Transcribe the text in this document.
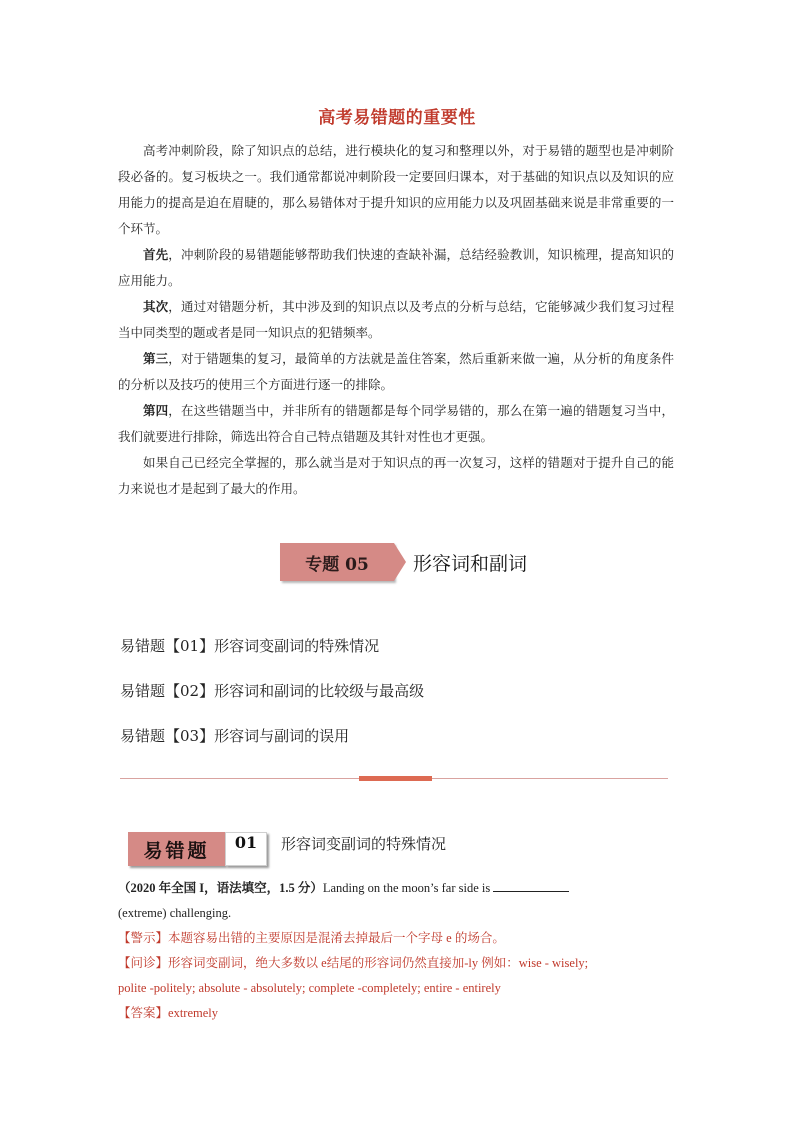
高考易错题的重要性

高考冲刺阶段，除了知识点的总结，进行模块化的复习和整理以外，对于易错的题型也是冲刺阶段必备的。复习板块之一。我们通常都说冲刺阶段一定要回归课本，对于基础的知识点以及知识的应用能力的提高是迫在眉睫的，那么易错体对于提升知识的应用能力以及巩固基础来说是非常重要的一个环节。

首先，冲刺阶段的易错题能够帮助我们快速的查缺补漏，总结经验教训，知识梳理，提高知识的应用能力。

其次，通过对错题分析，其中涉及到的知识点以及考点的分析与总结，它能够减少我们复习过程当中同类型的题或者是同一知识点的犯错频率。

第三，对于错题集的复习，最简单的方法就是盖住答案，然后重新来做一遍，从分析的角度条件的分析以及技巧的使用三个方面进行逐一的排除。

第四，在这些错题当中，并非所有的错题都是每个同学易错的，那么在第一遍的错题复习当中，我们就要进行排除，筛选出符合自己特点错题及其针对性也才更强。

如果自己已经完全掌握的，那么就当是对于知识点的再一次复习，这样的错题对于提升自己的能力来说也才是起到了最大的作用。

专题 05	形容词和副词
易错题【01】形容词变副词的特殊情况
易错题【02】形容词和副词的比较级与最高级
易错题【03】形容词与副词的误用
易错题	01	形容词变副词的特殊情况

（2020 年全国 I，语法填空，1.5 分）Landing on the moon’s far side is

(extreme) challenging.

【警示】本题容易出错的主要原因是混淆去掉最后一个字母 e 的场合。

【问诊】形容词变副词，绝大多数以 e结尾的形容词仍然直接加-ly 例如：wise - wisely;

polite -politely; absolute - absolutely; complete -completely; entire - entirely

【答案】extremely
